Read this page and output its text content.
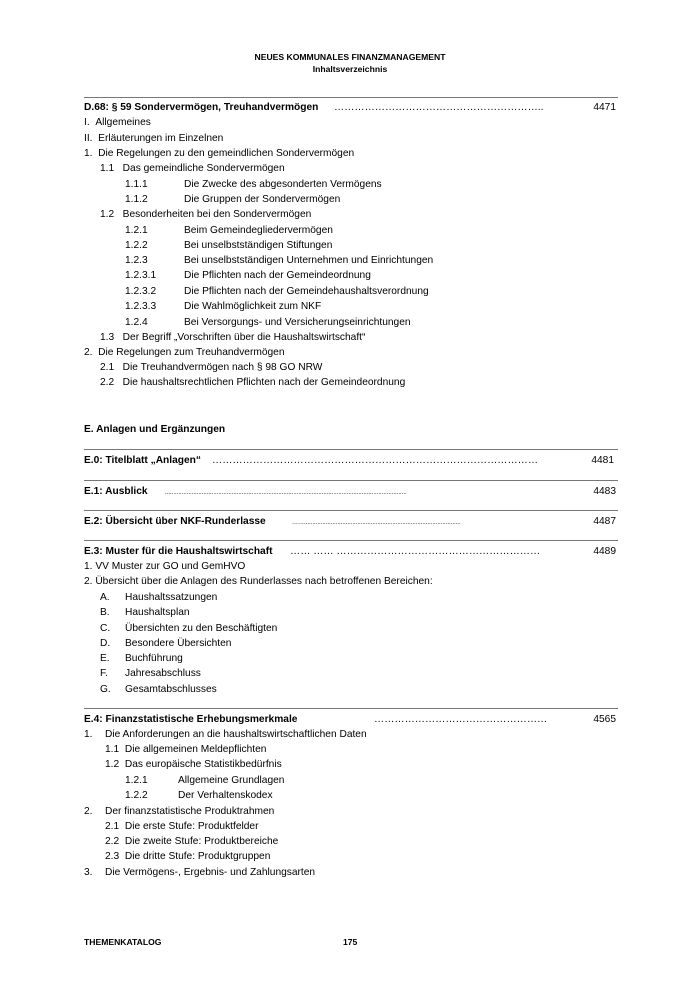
NEUES KOMMUNALES FINANZMANAGEMENT
Inhaltsverzeichnis
D.68: § 59 Sondervermögen, Treuhandvermögen ……………………………………………………..	4471
I. Allgemeines
II. Erläuterungen im Einzelnen
1. Die Regelungen zu den gemeindlichen Sondervermögen
1.1 Das gemeindliche Sondervermögen
1.1.1	Die Zwecke des abgesonderten Vermögens
1.1.2	Die Gruppen der Sondervermögen
1.2 Besonderheiten bei den Sondervermögen
1.2.1	Beim Gemeindegliedervermögen
1.2.2	Bei unselbstständigen Stiftungen
1.2.3	Bei unselbstständigen Unternehmen und Einrichtungen
1.2.3.1	Die Pflichten nach der Gemeindeordnung
1.2.3.2	Die Pflichten nach der Gemeindehaushaltsverordnung
1.2.3.3	Die Wahlmöglichkeit zum NKF
1.2.4	Bei Versorgungs- und Versicherungseinrichtungen
1.3 Der Begriff „Vorschriften über die Haushaltswirtschaft“
2. Die Regelungen zum Treuhandvermögen
2.1 Die Treuhandvermögen nach § 98 GO NRW
2.2 Die haushaltsrechtlichen Pflichten nach der Gemeindeordnung
E. Anlagen und Ergänzungen
E.0: Titelblatt „Anlagen“ ……………………………………………………………………………………	4481
E.1: Ausblick	.................................................................................................................................................	4483
E.2: Übersicht über NKF-Runderlasse	……..............................................................................................	4487
E.3: Muster für die Haushaltswirtschaft …… …… ……………………………………………………	4489
1. VV Muster zur GO und GemHVO
2. Übersicht über die Anlagen des Runderlasses nach betroffenen Bereichen:
A. Haushaltssatzungen
B. Haushaltsplan
C. Übersichten zu den Beschäftigten
D. Besondere Übersichten
E. Buchführung
F. Jahresabschluss
G. Gesamtabschlusses
E.4: Finanzstatistische Erhebungsmerkmale	……………………………………………	4565
1. Die Anforderungen an die haushaltswirtschaftlichen Daten
1.1 Die allgemeinen Meldepflichten
1.2 Das europäische Statistikbedürfnis
1.2.1	Allgemeine Grundlagen
1.2.2	Der Verhaltenskodex
2. Der finanzstatistische Produktrahmen
2.1 Die erste Stufe: Produktfelder
2.2 Die zweite Stufe: Produktbereiche
2.3 Die dritte Stufe: Produktgruppen
3. Die Vermögens-, Ergebnis- und Zahlungsarten
THEMENKATALOG	175
